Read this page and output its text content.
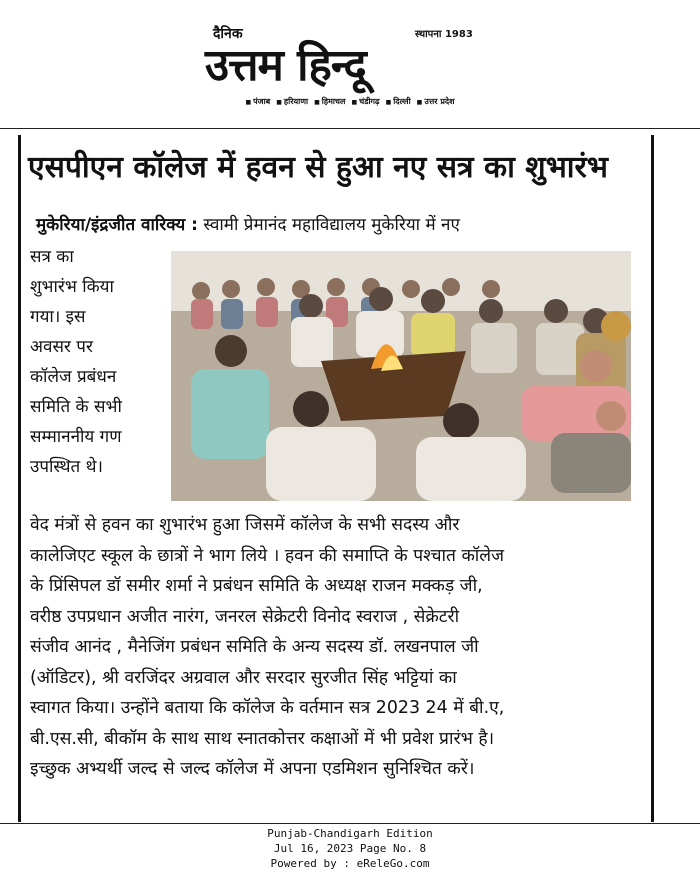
दैनिक	स्थापना 1983
उत्तम हिन्दू
■ पंजाब	■ हरियाणा	■ हिमाचल	■ चंडीगढ़	■ दिल्ली	■ उत्तर प्रदेश
एसपीएन कॉलेज में हवन से हुआ नए सत्र का शुभारंभ
मुकेरिया/इंद्रजीत वारिक्य : स्वामी प्रेमानंद महाविद्यालय मुकेरिया में नए
सत्र का
शुभारंभ किया
गया। इस
अवसर पर
कॉलेज प्रबंधन
समिति के सभी
सम्माननीय गण
उपस्थित थे।
वेद मंत्रों से हवन का शुभारंभ हुआ जिसमें कॉलेज के सभी सदस्य और
कालेजिएट स्कूल के छात्रों ने भाग लिये । हवन की समाप्ति के पश्चात कॉलेज
के प्रिंसिपल डॉ समीर शर्मा ने प्रबंधन समिति के अध्यक्ष राजन मक्कड़ जी,
वरीष्ठ उपप्रधान अजीत नारंग, जनरल सेक्रेटरी विनोद स्वराज , सेक्रेटरी
संजीव आनंद , मैनेजिंग प्रबंधन समिति के अन्य सदस्य डॉ. लखनपाल जी
(ऑडिटर), श्री वरजिंदर अग्रवाल और सरदार सुरजीत सिंह भट्टियां का
स्वागत किया। उन्होंने बताया कि कॉलेज के वर्तमान सत्र 2023 24 में बी.ए,
बी.एस.सी, बीकॉम के साथ साथ स्नातकोत्तर कक्षाओं में भी प्रवेश प्रारंभ है।
इच्छुक अभ्यर्थी जल्द से जल्द कॉलेज में अपना एडमिशन सुनिश्चित करें।
Punjab-Chandigarh Edition
Jul 16, 2023 Page No. 8
Powered by : eReleGo.com
